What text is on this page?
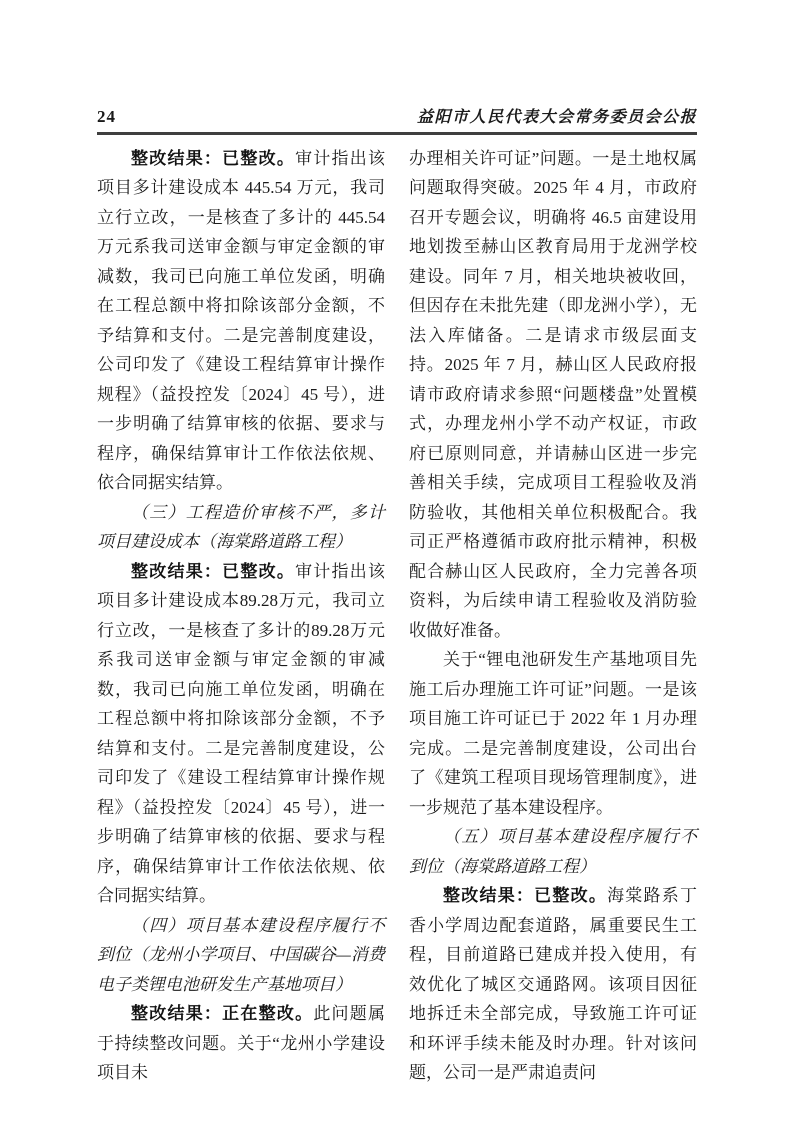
24	益阳市人民代表大会常务委员会公报

整改结果：已整改。审计指出该项目多计建设成本 445.54 万元，我司立行立改，一是核查了多计的 445.54 万元系我司送审金额与审定金额的审减数，我司已向施工单位发函，明确在工程总额中将扣除该部分金额，不予结算和支付。二是完善制度建设，公司印发了《建设工程结算审计操作规程》（益投控发〔2024〕45 号），进一步明确了结算审核的依据、要求与程序，确保结算审计工作依法依规、依合同据实结算。

（三）工程造价审核不严，多计项目建设成本（海棠路道路工程）

整改结果：已整改。审计指出该项目多计建设成本89.28万元，我司立行立改，一是核查了多计的89.28万元系我司送审金额与审定金额的审减数，我司已向施工单位发函，明确在工程总额中将扣除该部分金额，不予结算和支付。二是完善制度建设，公司印发了《建设工程结算审计操作规程》（益投控发〔2024〕45 号），进一步明确了结算审核的依据、要求与程序，确保结算审计工作依法依规、依合同据实结算。

（四）项目基本建设程序履行不到位（龙州小学项目、中国碳谷—消费电子类锂电池研发生产基地项目）

整改结果：正在整改。此问题属于持续整改问题。关于“龙州小学建设项目未

办理相关许可证”问题。一是土地权属问题取得突破。2025 年 4 月，市政府召开专题会议，明确将 46.5 亩建设用地划拨至赫山区教育局用于龙洲学校建设。同年 7 月，相关地块被收回，但因存在未批先建（即龙洲小学），无法入库储备。二是请求市级层面支持。2025 年 7 月，赫山区人民政府报请市政府请求参照“问题楼盘”处置模式，办理龙州小学不动产权证，市政府已原则同意，并请赫山区进一步完善相关手续，完成项目工程验收及消防验收，其他相关单位积极配合。我司正严格遵循市政府批示精神，积极配合赫山区人民政府，全力完善各项资料，为后续申请工程验收及消防验收做好准备。

关于“锂电池研发生产基地项目先施工后办理施工许可证”问题。一是该项目施工许可证已于 2022 年 1 月办理完成。二是完善制度建设，公司出台了《建筑工程项目现场管理制度》，进一步规范了基本建设程序。

（五）项目基本建设程序履行不到位（海棠路道路工程）

整改结果：已整改。海棠路系丁香小学周边配套道路，属重要民生工程，目前道路已建成并投入使用，有效优化了城区交通路网。该项目因征地拆迁未全部完成，导致施工许可证和环评手续未能及时办理。针对该问题，公司一是严肃追责问
